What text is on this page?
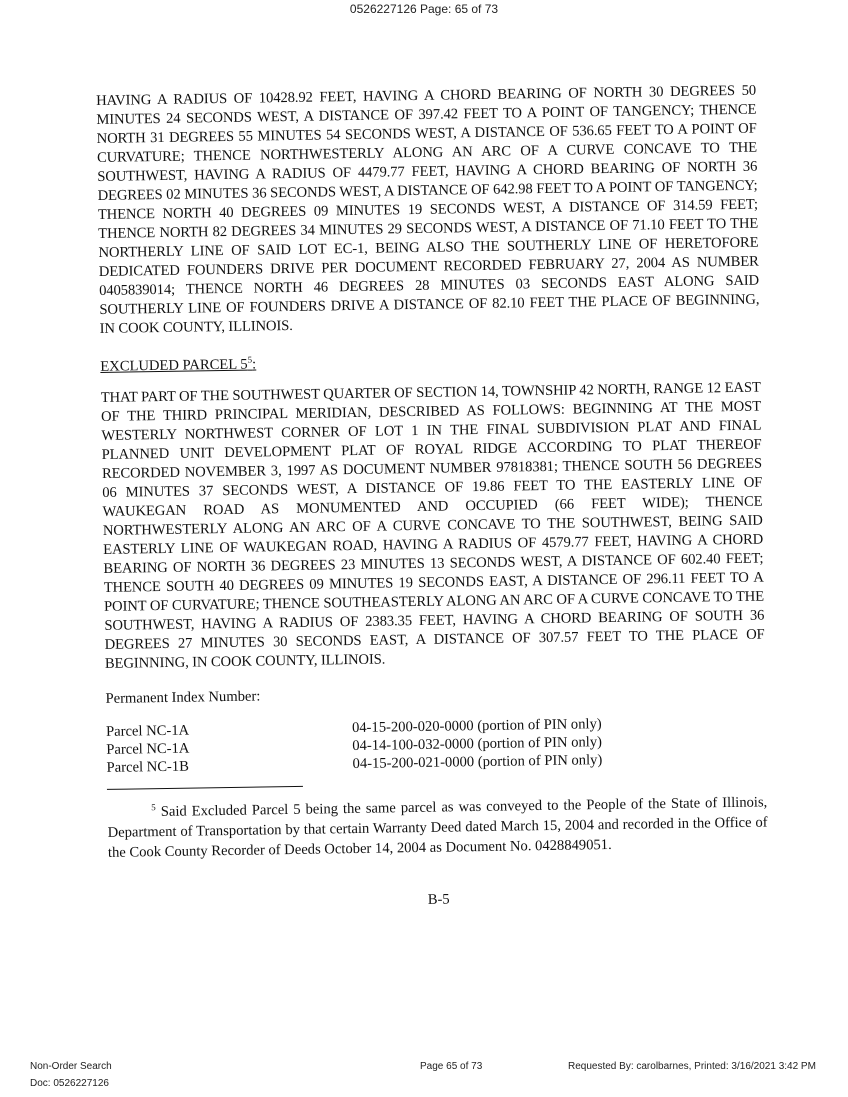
0526227126 Page: 65 of 73

HAVING A RADIUS OF 10428.92 FEET, HAVING A CHORD BEARING OF NORTH 30 DEGREES 50 MINUTES 24 SECONDS WEST, A DISTANCE OF 397.42 FEET TO A POINT OF TANGENCY; THENCE NORTH 31 DEGREES 55 MINUTES 54 SECONDS WEST, A DISTANCE OF 536.65 FEET TO A POINT OF CURVATURE; THENCE NORTHWESTERLY ALONG AN ARC OF A CURVE CONCAVE TO THE SOUTHWEST, HAVING A RADIUS OF 4479.77 FEET, HAVING A CHORD BEARING OF NORTH 36 DEGREES 02 MINUTES 36 SECONDS WEST, A DISTANCE OF 642.98 FEET TO A POINT OF TANGENCY; THENCE NORTH 40 DEGREES 09 MINUTES 19 SECONDS WEST, A DISTANCE OF 314.59 FEET; THENCE NORTH 82 DEGREES 34 MINUTES 29 SECONDS WEST, A DISTANCE OF 71.10 FEET TO THE NORTHERLY LINE OF SAID LOT EC-1, BEING ALSO THE SOUTHERLY LINE OF HERETOFORE DEDICATED FOUNDERS DRIVE PER DOCUMENT RECORDED FEBRUARY 27, 2004 AS NUMBER 0405839014; THENCE NORTH 46 DEGREES 28 MINUTES 03 SECONDS EAST ALONG SAID SOUTHERLY LINE OF FOUNDERS DRIVE A DISTANCE OF 82.10 FEET THE PLACE OF BEGINNING, IN COOK COUNTY, ILLINOIS.

EXCLUDED PARCEL $5^5$:

THAT PART OF THE SOUTHWEST QUARTER OF SECTION 14, TOWNSHIP 42 NORTH, RANGE 12 EAST OF THE THIRD PRINCIPAL MERIDIAN, DESCRIBED AS FOLLOWS: BEGINNING AT THE MOST WESTERLY NORTHWEST CORNER OF LOT 1 IN THE FINAL SUBDIVISION PLAT AND FINAL PLANNED UNIT DEVELOPMENT PLAT OF ROYAL RIDGE ACCORDING TO PLAT THEREOF RECORDED NOVEMBER 3, 1997 AS DOCUMENT NUMBER 97818381; THENCE SOUTH 56 DEGREES 06 MINUTES 37 SECONDS WEST, A DISTANCE OF 19.86 FEET TO THE EASTERLY LINE OF WAUKEGAN ROAD AS MONUMENTED AND OCCUPIED (66 FEET WIDE); THENCE NORTHWESTERLY ALONG AN ARC OF A CURVE CONCAVE TO THE SOUTHWEST, BEING SAID EASTERLY LINE OF WAUKEGAN ROAD, HAVING A RADIUS OF 4579.77 FEET, HAVING A CHORD BEARING OF NORTH 36 DEGREES 23 MINUTES 13 SECONDS WEST, A DISTANCE OF 602.40 FEET; THENCE SOUTH 40 DEGREES 09 MINUTES 19 SECONDS EAST, A DISTANCE OF 296.11 FEET TO A POINT OF CURVATURE; THENCE SOUTHEASTERLY ALONG AN ARC OF A CURVE CONCAVE TO THE SOUTHWEST, HAVING A RADIUS OF 2383.35 FEET, HAVING A CHORD BEARING OF SOUTH 36 DEGREES 27 MINUTES 30 SECONDS EAST, A DISTANCE OF 307.57 FEET TO THE PLACE OF BEGINNING, IN COOK COUNTY, ILLINOIS.

Permanent Index Number:

Parcel NC-1A	04-15-200-020-0000 (portion of PIN only)
Parcel NC-1A	04-14-100-032-0000 (portion of PIN only)
Parcel NC-1B	04-15-200-021-0000 (portion of PIN only)

$^5$ Said Excluded Parcel 5 being the same parcel as was conveyed to the People of the State of Illinois, Department of Transportation by that certain Warranty Deed dated March 15, 2004 and recorded in the Office of the Cook County Recorder of Deeds October 14, 2004 as Document No. 0428849051.

B-5
Non-Order Search
Doc: 0526227126
Page 65 of 73	Requested By: carolbarnes, Printed: 3/16/2021 3:42 PM
